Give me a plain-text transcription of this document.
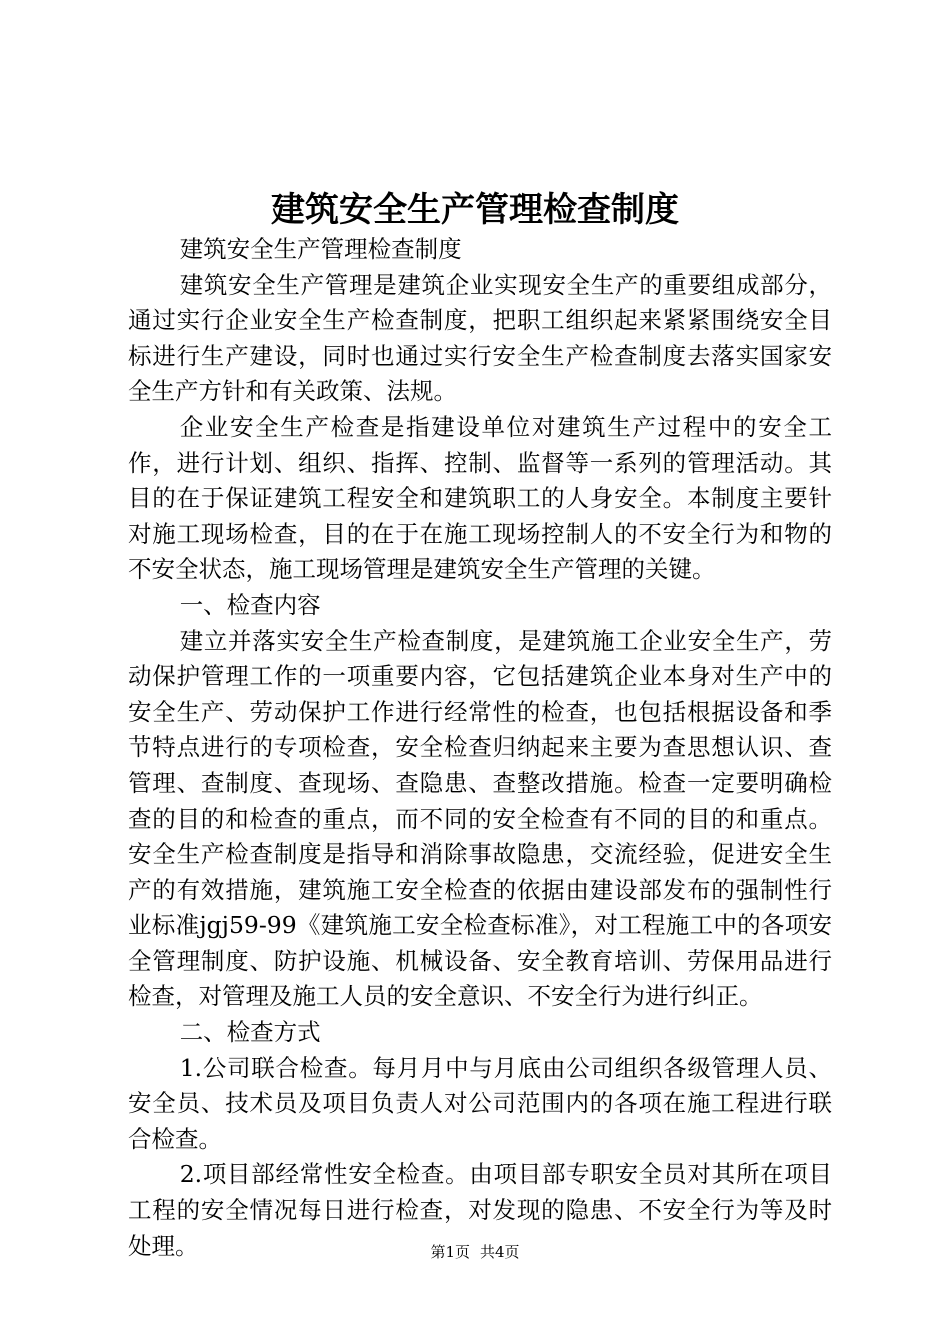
建筑安全生产管理检查制度

建筑安全生产管理检查制度

建筑安全生产管理是建筑企业实现安全生产的重要组成部分，通过实行企业安全生产检查制度，把职工组织起来紧紧围绕安全目标进行生产建设，同时也通过实行安全生产检查制度去落实国家安全生产方针和有关政策、法规。

企业安全生产检查是指建设单位对建筑生产过程中的安全工作，进行计划、组织、指挥、控制、监督等一系列的管理活动。其目的在于保证建筑工程安全和建筑职工的人身安全。本制度主要针对施工现场检查，目的在于在施工现场控制人的不安全行为和物的不安全状态，施工现场管理是建筑安全生产管理的关键。

一、检查内容

建立并落实安全生产检查制度，是建筑施工企业安全生产，劳动保护管理工作的一项重要内容，它包括建筑企业本身对生产中的安全生产、劳动保护工作进行经常性的检查，也包括根据设备和季节特点进行的专项检查，安全检查归纳起来主要为查思想认识、查管理、查制度、查现场、查隐患、查整改措施。检查一定要明确检查的目的和检查的重点，而不同的安全检查有不同的目的和重点。安全生产检查制度是指导和消除事故隐患，交流经验，促进安全生产的有效措施，建筑施工安全检查的依据由建设部发布的强制性行业标准jgj59-99《建筑施工安全检查标准》，对工程施工中的各项安全管理制度、防护设施、机械设备、安全教育培训、劳保用品进行检查，对管理及施工人员的安全意识、不安全行为进行纠正。

二、检查方式

1.公司联合检查。每月月中与月底由公司组织各级管理人员、安全员、技术员及项目负责人对公司范围内的各项在施工程进行联合检查。

2.项目部经常性安全检查。由项目部专职安全员对其所在项目工程的安全情况每日进行检查，对发现的隐患、不安全行为等及时处理。	第1页 共4页
